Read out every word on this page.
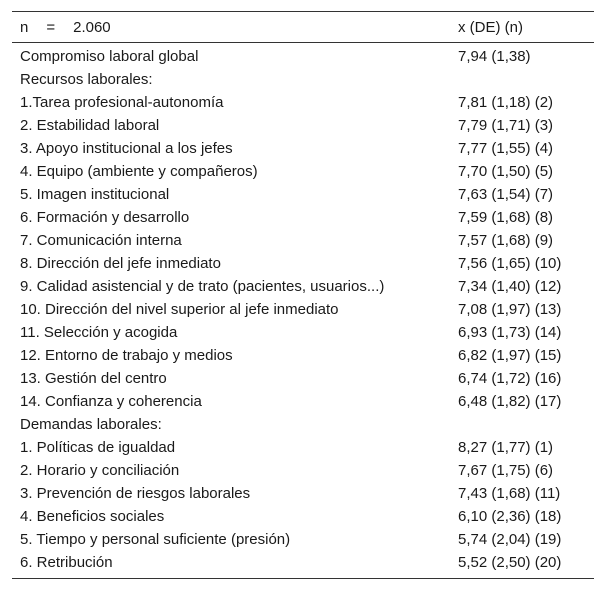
n = 2.060	x (DE) (n)
Compromiso laboral global	7,94 (1,38)
Recursos laborales:	
1.Tarea profesional-autonomía	7,81 (1,18) (2)
2. Estabilidad laboral	7,79 (1,71) (3)
3. Apoyo institucional a los jefes	7,77 (1,55) (4)
4. Equipo (ambiente y compañeros)	7,70 (1,50) (5)
5. Imagen institucional	7,63 (1,54) (7)
6. Formación y desarrollo	7,59 (1,68) (8)
7. Comunicación interna	7,57 (1,68) (9)
8. Dirección del jefe inmediato	7,56 (1,65) (10)
9. Calidad asistencial y de trato (pacientes, usuarios...)	7,34 (1,40) (12)
10. Dirección del nivel superior al jefe inmediato	7,08 (1,97) (13)
11. Selección y acogida	6,93 (1,73) (14)
12. Entorno de trabajo y medios	6,82 (1,97) (15)
13. Gestión del centro	6,74 (1,72) (16)
14. Confianza y coherencia	6,48 (1,82) (17)
Demandas laborales:	
1. Políticas de igualdad	8,27 (1,77) (1)
2. Horario y conciliación	7,67 (1,75) (6)
3. Prevención de riesgos laborales	7,43 (1,68) (11)
4. Beneficios sociales	6,10 (2,36) (18)
5. Tiempo y personal suficiente (presión)	5,74 (2,04) (19)
6. Retribución	5,52 (2,50) (20)
